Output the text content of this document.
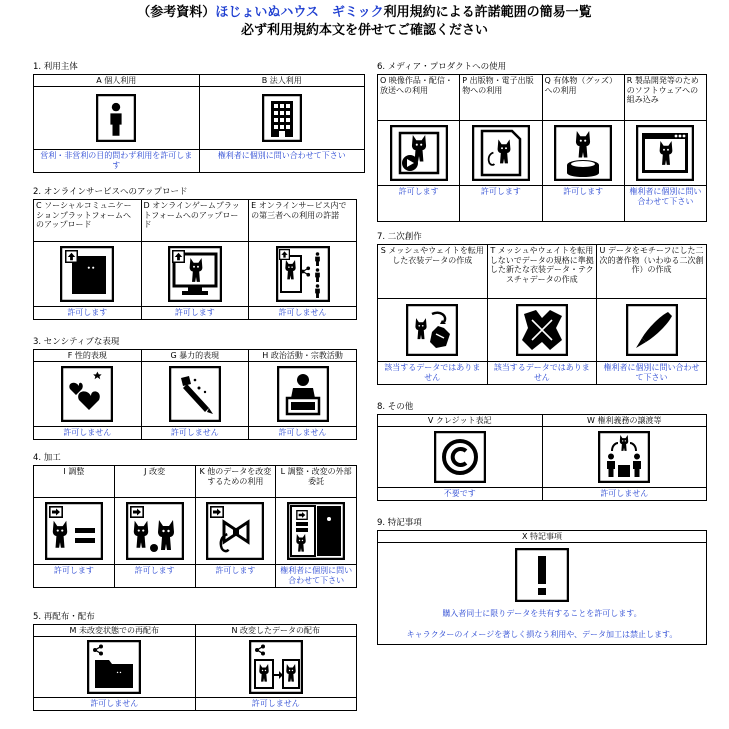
（参考資料）ほじょいぬハウス　ギミック利用規約による許諾範囲の簡易一覧
必ず利用規約本文を併せてご確認ください
1. 利用主体
A 個人利用	B 法人利用

営利・非営利の目的問わず利用を許可します	権利者に個別に問い合わせて下さい
2. オンラインサービスへのアップロード
C ソーシャルコミュニケーションプラットフォームへのアップロード	D オンラインゲームプラットフォームへのアップロード	E オンラインサービス内での第三者への利用の許諾

許可します	許可します	許可しません
3. センシティブな表現
F 性的表現	G 暴力的表現	H 政治活動・宗教活動

許可しません	許可しません	許可しません
4. 加工
I 調整	J 改変	K 他のデータを改変するための利用	L 調整・改変の外部委託

許可します	許可します	許可します	権利者に個別に問い合わせて下さい
5. 再配布・配布
M 未改変状態での再配布	N 改変したデータの配布

許可しません	許可しません
6. メディア・プロダクトへの使用
O 映像作品・配信・放送への利用	P 出版物・電子出版物への利用	Q 有体物（グッズ）への利用	R 製品開発等のためのソフトウェアへの組み込み

許可します	許可します	許可します	権利者に個別に問い合わせて下さい
7. 二次創作
S メッシュやウェイトを転用した衣装データの作成	T メッシュやウェイトを転用しないでデータの規格に準拠した新たな衣装データ・テクスチャデータの作成	U データをモチーフにした二次的著作物（いわゆる二次創作）の作成

該当するデータではありません	該当するデータではありません	権利者に個別に問い合わせて下さい
8. その他
V クレジット表記	W 権利義務の譲渡等

不要です	許可しません
9. 特記事項
X 特記事項

購入者同士に限りデータを共有することを許可します。
キャラクターのイメージを著しく損なう利用や、データ加工は禁止します。
